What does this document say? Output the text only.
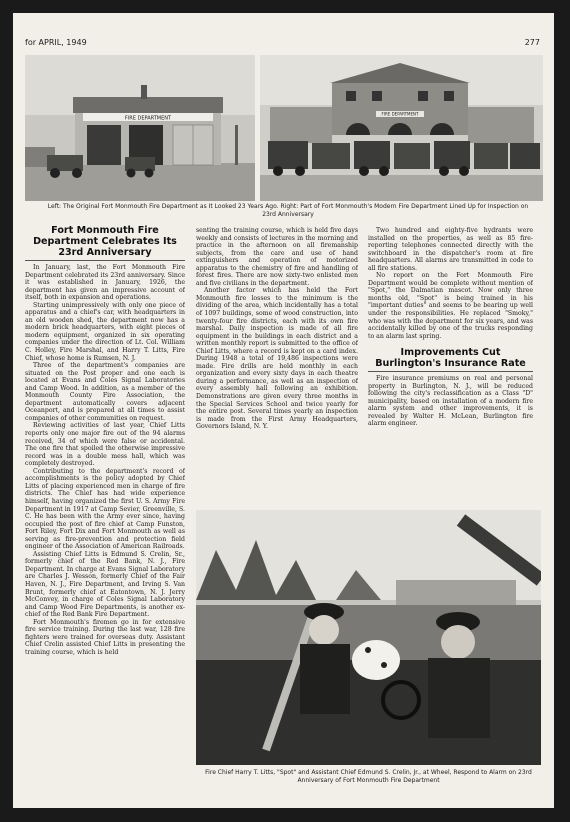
for APRIL, 1949	277
FIRE DEPARTMENT
FIRE DEPARTMENT
Left: The Original Fort Monmouth Fire Department as It Looked 23 Years Ago. Right: Part of Fort Monmouth's Modern Fire Department Lined Up for Inspection on 23rd Anniversary
Fort Monmouth Fire Department Celebrates Its 23rd Anniversary

In January, last, the Fort Monmouth Fire Department celebrated its 23rd anniversary. Since it was established in January, 1926, the department has given an impressive account of itself, both in expansion and operations.

Starting unimpressively with only one piece of apparatus and a chief's car, with headquarters in an old wooden shed, the department now has a modern brick headquarters, with eight pieces of modern equipment, organized in six operating companies under the direction of Lt. Col. William C. Holley, Fire Marshal, and Harry T. Litts, Fire Chief, whose home is Rumsen, N. J.

Three of the department's companies are situated on the Post proper and one each is located at Evans and Coles Signal Laboratories and Camp Wood. In addition, as a member of the Monmouth County Fire Association, the department automatically covers adjacent Oceanport, and is prepared at all times to assist companies of other communities on request.

Reviewing activities of last year, Chief Litts reports only one major fire out of the 94 alarms received, 34 of which were false or accidental. The one fire that spoiled the otherwise impressive record was in a double mess hall, which was completely destroyed.

Contributing to the department's record of accomplishments is the policy adopted by Chief Litts of placing experienced men in charge of fire districts. The Chief has had wide experience himself, having organized the first U. S. Army Fire Department in 1917 at Camp Sevier, Greenville, S. C. He has been with the Army ever since, having occupied the post of fire chief at Camp Funston, Fort Riley, Fort Dix and Fort Monmouth as well as serving as fire-prevention and protection field engineer of the Association of American Railroads.

Assisting Chief Litts is Edmund S. Crelin, Sr., formerly chief of the Red Bank, N. J., Fire Department. In charge at Evans Signal Laboratory are Charles J. Wesson, formerly Chief of the Fair Haven, N. J., Fire Department, and Irving S. Van Brunt, formerly chief at Eatontown, N. J. Jerry McConvey, in charge of Coles Signal Laboratory and Camp Wood Fire Departments, is another ex-chief of the Red Bank Fire Department.

Fort Monmouth's firemen go in for extensive fire service training. During the last war, 128 fire fighters were trained for overseas duty. Assistant Chief Crelin assisted Chief Litts in presenting the training course, which is held

senting the training course, which is held five days weekly and consists of lectures in the morning and practice in the afternoon on all firemanship subjects, from the care and use of hand extinguishers and operation of motorized apparatus to the chemistry of fire and handling of forest fires. There are now sixty-two enlisted men and five civilians in the department.

Another factor which has held the Fort Monmouth fire losses to the minimum is the dividing of the area, which incidentally has a total of 1097 buildings, some of wood construction, into twenty-four fire districts, each with its own fire marshal. Daily inspection is made of all fire equipment in the buildings in each district and a written monthly report is submitted to the office of Chief Litts, where a record is kept on a card index. During 1948 a total of 19,486 inspections were made. Fire drills are held monthly in each organization and every sixty days in each theatre during a performance, as well as an inspection of every assembly hall following an exhibition. Demonstrations are given every three months in the Special Services School and twice yearly for the entire post. Several times yearly an inspection is made from the First Army Headquarters, Governors Island, N. Y.

Two hundred and eighty-five hydrants were installed on the properties, as well as 85 fire-reporting telephones connected directly with the switchboard in the dispatcher's room at fire headquarters. All alarms are transmitted in code to all fire stations.

No report on the Fort Monmouth Fire Department would be complete without mention of "Spot," the Dalmatian mascot. Now only three months old, "Spot" is being trained in his "important duties" and seems to be bearing up well under the responsibilities. He replaced "Smoky," who was with the department for six years, and was accidentally killed by one of the trucks responding to an alarm last spring.

Improvements Cut Burlington's Insurance Rate

Fire insurance premiums on real and personal property in Burlington, N. J., will be reduced following the city's reclassification as a Class "D" municipality, based on installation of a modern fire alarm system and other improvements, it is revealed by Walter H. McLean, Burlington fire alarm engineer.

Fire Chief Harry T. Litts, "Spot" and Assistant Chief Edmund S. Crelin, Jr., at Wheel, Respond to Alarm on 23rd Anniversary of Fort Monmouth Fire Department
